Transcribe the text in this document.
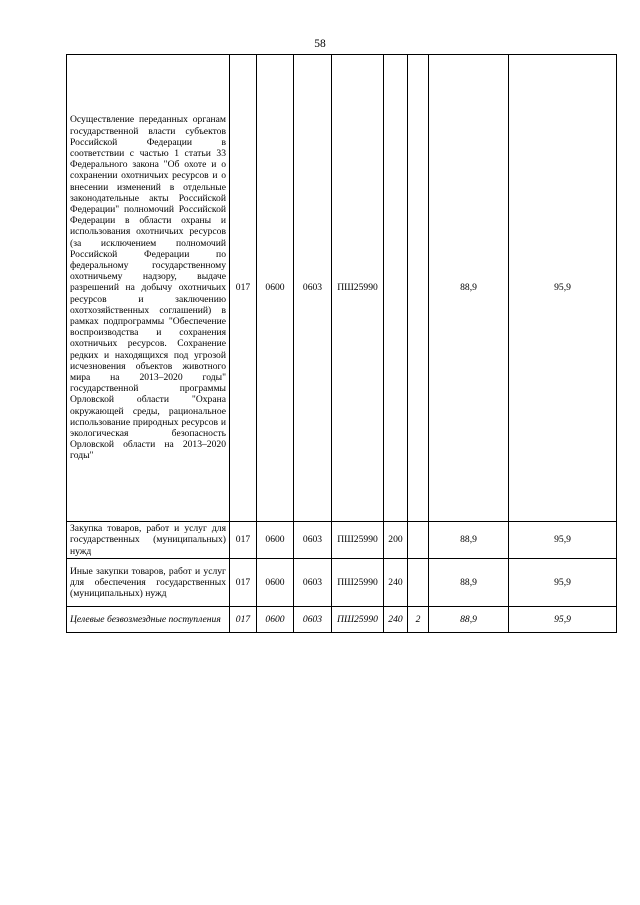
58
Осуществление переданных органам государственной власти субъектов Российской Федерации в соответствии с частью 1 статьи 33 Федерального закона "Об охоте и о сохранении охотничьих ресурсов и о внесении изменений в отдельные законодательные акты Российской Федерации" полномочий Российской Федерации в области охраны и использования охотничьих ресурсов (за исключением полномочий Российской Федерации по федеральному государственному охотничьему надзору, выдаче разрешений на добычу охотничьих ресурсов и заключению охотхозяйственных соглашений) в рамках подпрограммы "Обеспечение воспроизводства и сохранения охотничьих ресурсов. Сохранение редких и находящихся под угрозой исчезновения объектов животного мира на 2013–2020 годы" государственной программы Орловской области "Охрана окружающей среды, рациональное использование природных ресурсов и экологическая безопасность Орловской области на 2013–2020 годы"	017	0600	0603	ПШ25990			88,9	95,9
Закупка товаров, работ и услуг для государственных (муниципальных) нужд	017	0600	0603	ПШ25990	200		88,9	95,9
Иные закупки товаров, работ и услуг для обеспечения государственных (муниципальных) нужд	017	0600	0603	ПШ25990	240		88,9	95,9
Целевые безвозмездные поступления	017	0600	0603	ПШ25990	240	2	88,9	95,9
